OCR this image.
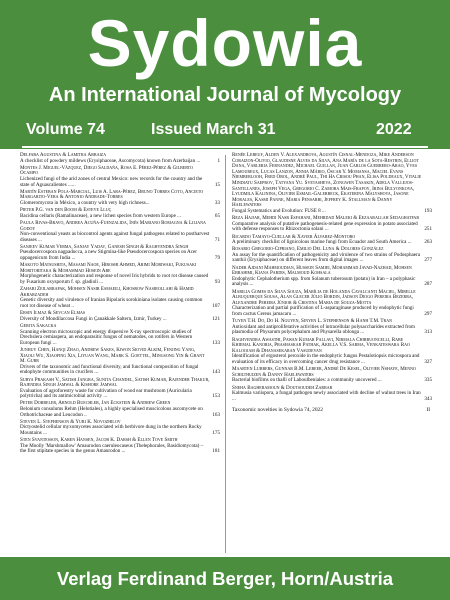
Sydowia
An International Journal of Mycology
Volume 74	Issued March 31	2022
Delfaba Agustina & Lamitra Arbaiza
A checklist of powdery mildews (Erysiphaceae, Ascomycota) known from Azerbaijan ...	1
Montes J. Miguel-Vázquez, Diego Saldaña, Rosa E. Pérez-Pérez & Gilberto Ocampo
Lichenized fungi of the arid zones of central Mexico: new records for the country and the state of Aguascalientes ......	15
Martín Esteban Pola-Marcial, Luis A. Lara-Pérez, Bruno Torres Coto, Ancieto Margarito-Vera & Antonio Andrade-Torres
Glomeromycota in México, a country with very high richness...	33
Pieter P.G. van den Boom & Esteve Lluç
Bacidina cellaris (Ramalinaceae), a new lichen species from western Europe ...	65
Paula Rivas-Bravo, Andrea Acuña-Fuenzalida, Inés Mariano Romagna & Liliana Godoy
Non-conventional yeasts as biocontrol agents against fungal pathogens related to postharvest diseases ...	71
Sanjeev Kumar Verma, Sanjay Yadav, Ganesh Singh & Raghvendra Singh
Pseudocercospora nagpadocca, a new Stigmina-like Pseudocercospora species on Acer oppagenicum from India ...	79
Makoto Matsushita, Masami Naoe, Hiroshi Ahmed, Arimi Moriwaki, Fukusaki Moritoritaka & Mohammad Hosein Abe
Morphogenetic characterization and response of novel Iris hybrids to root rot disease caused by Fusarium oxysporum f. sp. gladioli ...	93
Zahabi Zeilabrapak, Mohsen Nasir Esmaeili, Khosrow Nasirollahi & Hamid Akbarzadeh
Genetic diversity and virulence of Iranian Bipolaris sorokiniana isolates causing common root rot disease of wheat ..	107
Ersin Ilmaz & Sevcan Elmas
Diversity of Mondilaccosa Fungi in Çanakkale Saltern, Izmir, Turkey ...	121
Gerita Sakacka
Scanning electron microscopic and energy dispersive X-ray spectroscopic studies of Drechslera cemiaspera, an endoparasitic fungus of nematodes, on rotifers in Western European fungi ...	133
Junhuy Chen, Hanqi Zhao, Andrew Sakes, Kiwon Siovid Alkim, Fenjing Yang, Xiaoli Wu, Xiaoping Xia, Liyuan Wang, Mark S. Goettel, Mingsong Yin & Grant M. Gurr
Drivers of the taxonomic and functional diversity, and functional composition of fungal endophyte communities in crucifers ...	143
Surya Prakash V., Satish Jangra, Sunita Chandel, Satish Kumar, Rajender Thakur, Rajendra Singh Jamwal & Kishore Jamwal
Evaluation of agroforestry waste for cultivation of wood ear mushroom (Auricularia polytricha) and its antimicrobial activity ...	153
Peter Dobbeler, Arnold Buechler, Jan Eckstein & Andrew Green
Belonium consulums Rehm (Helotiales), a highly specialised muscicolous ascomycete on Orthotrichaceae and Leucodon ..	163
Steven L. Stephenson & Yuri K. Novozhilov
Dictyostelid cellular myxomycetes associated with herbivore dung in the northern Rocky Mountains ...	175
Sten Svantesson, Karen Hansen, Jacob K. Darsh & Ellen Tove Smith
The Moolly 'Marshmallow' Amaurodon caeruleocaseus (Thelephorales, Basidiomycota) – the first stipitate species in the genus Amaurodon ...	181
Renée Lebeuf, Alden V. Alexandrova, Agustín Cisnal-Mendoza, Mike Anderson Coraizon-Olivio, Glaudisne Alves da Silva, Ana María de la Sota-Restrin, Elliot Dana, Varleria Fernandez, Michael Guillan, Juan Carlos Guerrero-Arao, Yves Lamoureux, Lucas Lanzon, Annia Mário, Óscar Y. Momansa, Maciel Evans Niemberlooh, Fred Obol, André Paul, Thi Ha Crisou Phan, Elisa Poldeaux, Vitalie Mindiatu Saeprov, Tatyana Yu. Svetasheva, Zongwen Tasakin, Adela Vallejos-Santillanes, Joseph Vega, Gregorio C. Zamora Mais-Frapoy, Irina Bulyonkova, Lyudmila Kalinina, Olivier Esmail-Galerbeck, Ekaterina Malyshova, Jasone Morales, Kasmi Panne, Maria Pensarbi, Jeffrey K. Stallman & Danny Haelewaters
Fungal Systematics and Evolution: FUSE 8 ...	193
Reza Hajjar, Mehdi Nasr Esfahani, Mehrdad Maleki & Eezaarallah Sedaghatfar
Comparative analysis of putative pathogenesis-related gene expression in potato associated with defense responses to Rhizoctonia solani ...	251
Ricardo Tamayo-Cuellar & Xavier Álvarez-Montoro
A preliminary checklist of lignicolous marine fungi from Ecuador and South America ...	263
Rosario Gregorio-Cipriano, Emilio Del Luna & Dolores González
An assay for the quantification of pathogenicity and virulence of two strains of Podosphaera xanthii (Erysiphaceae) on different leaves from digital images ...	277
Nader Ajdani Mahmoudian, Hussein Samiei, Mohammad Javad-Nazhad, Mohsen Ebrahimi, Kiana Pardis, Malmoud Kohsala
Endophytic Cephalotherium spp. from Solanum tuberosum (potato) in Iran – a polyphasic analysis ...	287
Marilia Gomes da Silva Souza, Marília de Holanda Cavalcanti Maciel, Mirelle Albuquerque Sousa, Alan Glecer Júlio Bordin, Jadson Diogo Pereira Bezerra, Alexandre Pereira Júnior & Cristina Maria de Souza-Motta
Characterization and partial purification of L-asparaginase produced by endophytic fungi from cactus Cereus jamacaru ...	297
Tuyen T.H. Do, Do H. Nguyen, Sinyen L. Stephenson & Hanh T.M. Tran
Antioxidant and antiproliferative activities of intracellular polysaccharides extracted from plasmodia of Physarum polycephalum and Physarella oblonga ...	313
Raghvendra Awasthi, Pawan Kumar Pallavi, Nirmala Chirbuoncelli, Rabe Khiemal Kanoria, Prashaskar Pathak, Akella V.S. Sarma, Venkateswara Rao Kaloojam & Dhanasekaran Vasudevan
Identification of ergosterol peroxide in the endophytic fungus Pestalotiopsis microspora and evaluation of its efficacy in overcoming cancer drug resistance ...	327
Maarten Lubbers, Gunnar B.M. Lebeer, André De Kesel, Olivier Nshaye, Menno Schilthuizen & Danny Haelewaters
Bacterial biofilms on thalli of Laboulbeniales: a community uncovered ...	335
Sneha Bagheramoun & Doutsoudeh Zarrar
Kalmusia variispora, a fungal pathogen newly associated with decline of walnut trees in Iran ...	343
Taxonomic novelties in Sydowia 74, 2022	II
Verlag Ferdinand Berger, Horn/Austria
